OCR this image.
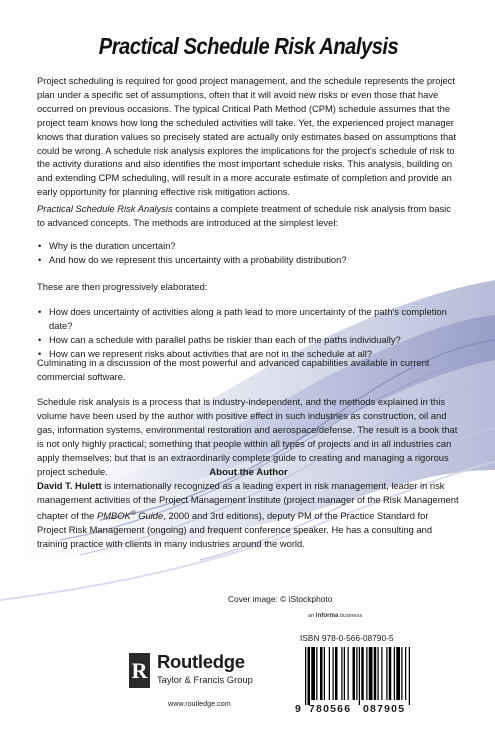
Practical Schedule Risk Analysis

Project scheduling is required for good project management, and the schedule represents the project plan under a specific set of assumptions, often that it will avoid new risks or even those that have occurred on previous occasions. The typical Critical Path Method (CPM) schedule assumes that the project team knows how long the scheduled activities will take. Yet, the experienced project manager knows that duration values so precisely stated are actually only estimates based on assumptions that could be wrong. A schedule risk analysis explores the implications for the project's schedule of risk to the activity durations and also identifies the most important schedule risks. This analysis, building on and extending CPM scheduling, will result in a more accurate estimate of completion and provide an early opportunity for planning effective risk mitigation actions.

Practical Schedule Risk Analysis contains a complete treatment of schedule risk analysis from basic to advanced concepts. The methods are introduced at the simplest level:

• Why is the duration uncertain?
• And how do we represent this uncertainty with a probability distribution?

These are then progressively elaborated:

• How does uncertainty of activities along a path lead to more uncertainty of the path's completion date?
• How can a schedule with parallel paths be riskier than each of the paths individually?
• How can we represent risks about activities that are not in the schedule at all?

Culminating in a discussion of the most powerful and advanced capabilities available in current commercial software.

Schedule risk analysis is a process that is industry-independent, and the methods explained in this volume have been used by the author with positive effect in such industries as construction, oil and gas, information systems, environmental restoration and aerospace/defense. The result is a book that is not only highly practical; something that people within all types of projects and in all industries can apply themselves; but that is an extraordinarily complete guide to creating and managing a rigorous project schedule.	About the Author

David T. Hulett is internationally recognized as a leading expert in risk management, leader in risk management activities of the Project Management Institute (project manager of the Risk Management chapter of the PMBOK® Guide, 2000 and 3rd editions), deputy PM of the Practice Standard for Project Risk Management (ongoing) and frequent conference speaker. He has a consulting and training practice with clients in many industries around the world.

Cover image: © iStockphoto
an informa business
ISBN 978-0-566-08790-5
9 780566 087905
R Routledge
Taylor & Francis Group
www.routledge.com
